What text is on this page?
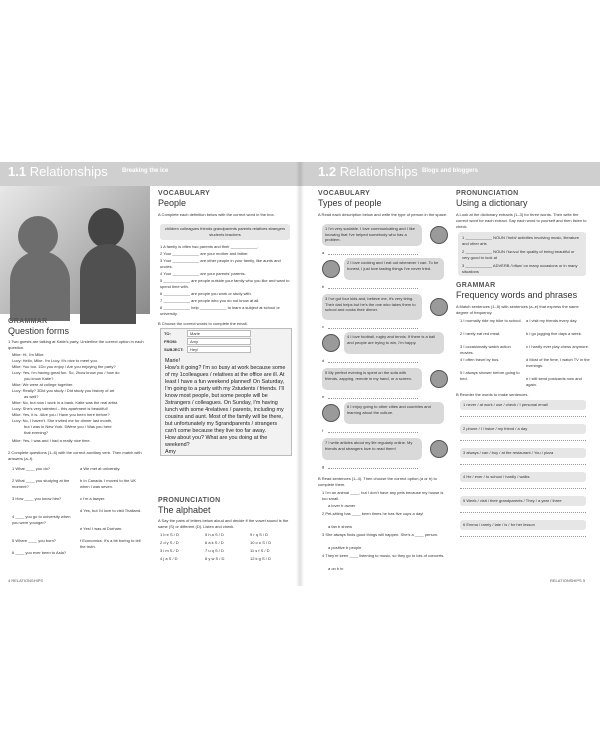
1.1 Relationships Breaking the ice
GRAMMAR
Question forms
1 Two guests are talking at Katie's party. Underline the correct option in each question.
Mike: Hi, I'm Mike.
Lucy: Hello, Mike. I'm Lucy. It's nice to meet you.
Mike: You too. 1Do you enjoy / Are you enjoying the party?
Lucy: Yes, I'm having great fun. So, 2how know you / how do
you know Katie?
Mike: We were at college together.
Lucy: Really? 3Did you study / Did study you history of art
as well?
Mike: No, but now I work in a bank. Katie was the real artist.
Lucy: She's very talented – this apartment is beautiful!
Mike: Yes, it is. 4Are you / Have you been here before?
Lucy: No, I haven't. She invited me for dinner last month,
but I was in New York. 5Were you / Was you here
that evening?
Mike: Yes, I was and I had a really nice time.
2 Complete questions (1–6) with the correct auxiliary verb. Then match with answers (a–f).
1 What ____ you do?
2 What ____ you studying at the moment?
3 How ____ you know him?
4 ____ you go to university when you were younger?
5 Where ____ you born?
6 ____ you ever been to Asia?
a We met at university.
b In Canada. I moved to the UK when I was seven.
c I'm a lawyer.
d Yes, but I'd love to visit Thailand.
e Yes! I was at Durham.
f Economics. It's a bit boring to tell the truth.
VOCABULARY
People
A Complete each definition below with the correct word in the box.
children colleagues friends grandparents parents relatives strangers students teachers
1 A family is often two parents and their ____________.
2 Your ____________ are your mother and father.
3 Your ____________ are other people in your family, like aunts and uncles.
4 Your ____________ are your parents' parents.
5 ____________ are people outside your family who you like and want to spend time with.
6 ____________ are people you work or study with.
7 ____________ are people who you do not know at all.
8 ____________ help ____________ to learn a subject at school or university.
B Choose the correct words to complete the email.
TO:	Marie
FROM:	Amy
SUBJECT:	Hey!
Marie!
How's it going? I'm so busy at work because some of my 1colleagues / relatives at the office are ill. At least I have a fun weekend planned! On Saturday, I'm going to a party with my 2students / friends. I'll know most people, but some people will be 3strangers / colleagues. On Sunday, I'm having lunch with some 4relatives / parents, including my cousins and aunt. Most of the family will be there, but unfortunately my 5grandparents / strangers can't come because they live too far away.
How about you? What are you doing at the weekend?
Amy
PRONUNCIATION
The alphabet
A Say the pairs of letters below aloud and decide if the vowel sound is the same (S) or different (D). Listen and check.
1 b e S / D	5 h a S / D	9 r q S / D
2 d y S / D	6 a k S / D	10 o u S / D
3 i m S / D	7 u q S / D	11 s f S / D
4 j a S / D	8 y w S / D	12 k g S / D
4 RELATIONSHIPS
1.2 Relationships Blogs and bloggers
VOCABULARY
Types of people
A Read each description below and write the type of person in the space.
1 I'm very sociable. I love communicating and I like knowing that I've helped somebody who has a problem.
a
2 I love cooking and I eat out whenever I can. To be honest, I just love tasting things I've never tried.
b
3 I've got four kids and, believe me, it's very tiring. Their dad helps but he's the one who takes them to school and cooks their dinner.
c
4 I love football, rugby and tennis. If there is a ball and people are trying to win, I'm happy.
d
5 My perfect evening is spent on the sofa with friends, zapping, remote in my hand, or a screen.
e
6 I enjoy going to other cities and countries and learning about the culture.
f
7 I write articles about my life regularly online. My friends and strangers love to read them!
g
B Read sentences (1–4). Then choose the correct option (a or b) to complete them.
1 I'm an animal ____, but I don't have any pets because my house is too small.
a lover b owner
2 Pet-sitting has ____ been times he has five cups a day!
a fan b shrew
3 She always finds good things will happen. She's a ____ person.
a positive b people
4 They're keen ____ listening to music, so they go to lots of concerts.
a on b in
PRONUNCIATION
Using a dictionary
A Look at the dictionary extracts (1–3) for three words. Then write the correct word for each extract. Say each word to yourself and then listen to check.
1 ____________ NOUN /'hɒbi/ activities involving music, literature and other arts
2 ____________ NOUN /'təʊvə/ the quality of being beautiful or very good to look at
3 ____________ ADVERB /'oftən/ on many occasions or in many situations
GRAMMAR
Frequency words and phrases
A Match sentences (1–5) with sentences (a–e) that express the same degree of frequency.
1 I normally ride my bike to school.
2 I rarely eat red meat.
3 I occasionally watch action movies.
4 I often travel by bus.
5 I always shower before going to bed.
a I visit my friends every day.
b I go jogging five days a week.
c I hardly ever play chess anymore.
d Most of the time, I watch TV in the evenings.
e I still send postcards now and again.
B Reorder the words to make sentences.
1 never / at work / use / check / I personal email
2 phone / I / twice / my friend / a day
3 always / can / buy / at the restaurant / You / pizza
4 He / ever / to school / hardly / walks
5 Week / visit / their grandparents / They / a year / three
6 Emma / rarely / late / is / for her lesson
RELATIONSHIPS 5
